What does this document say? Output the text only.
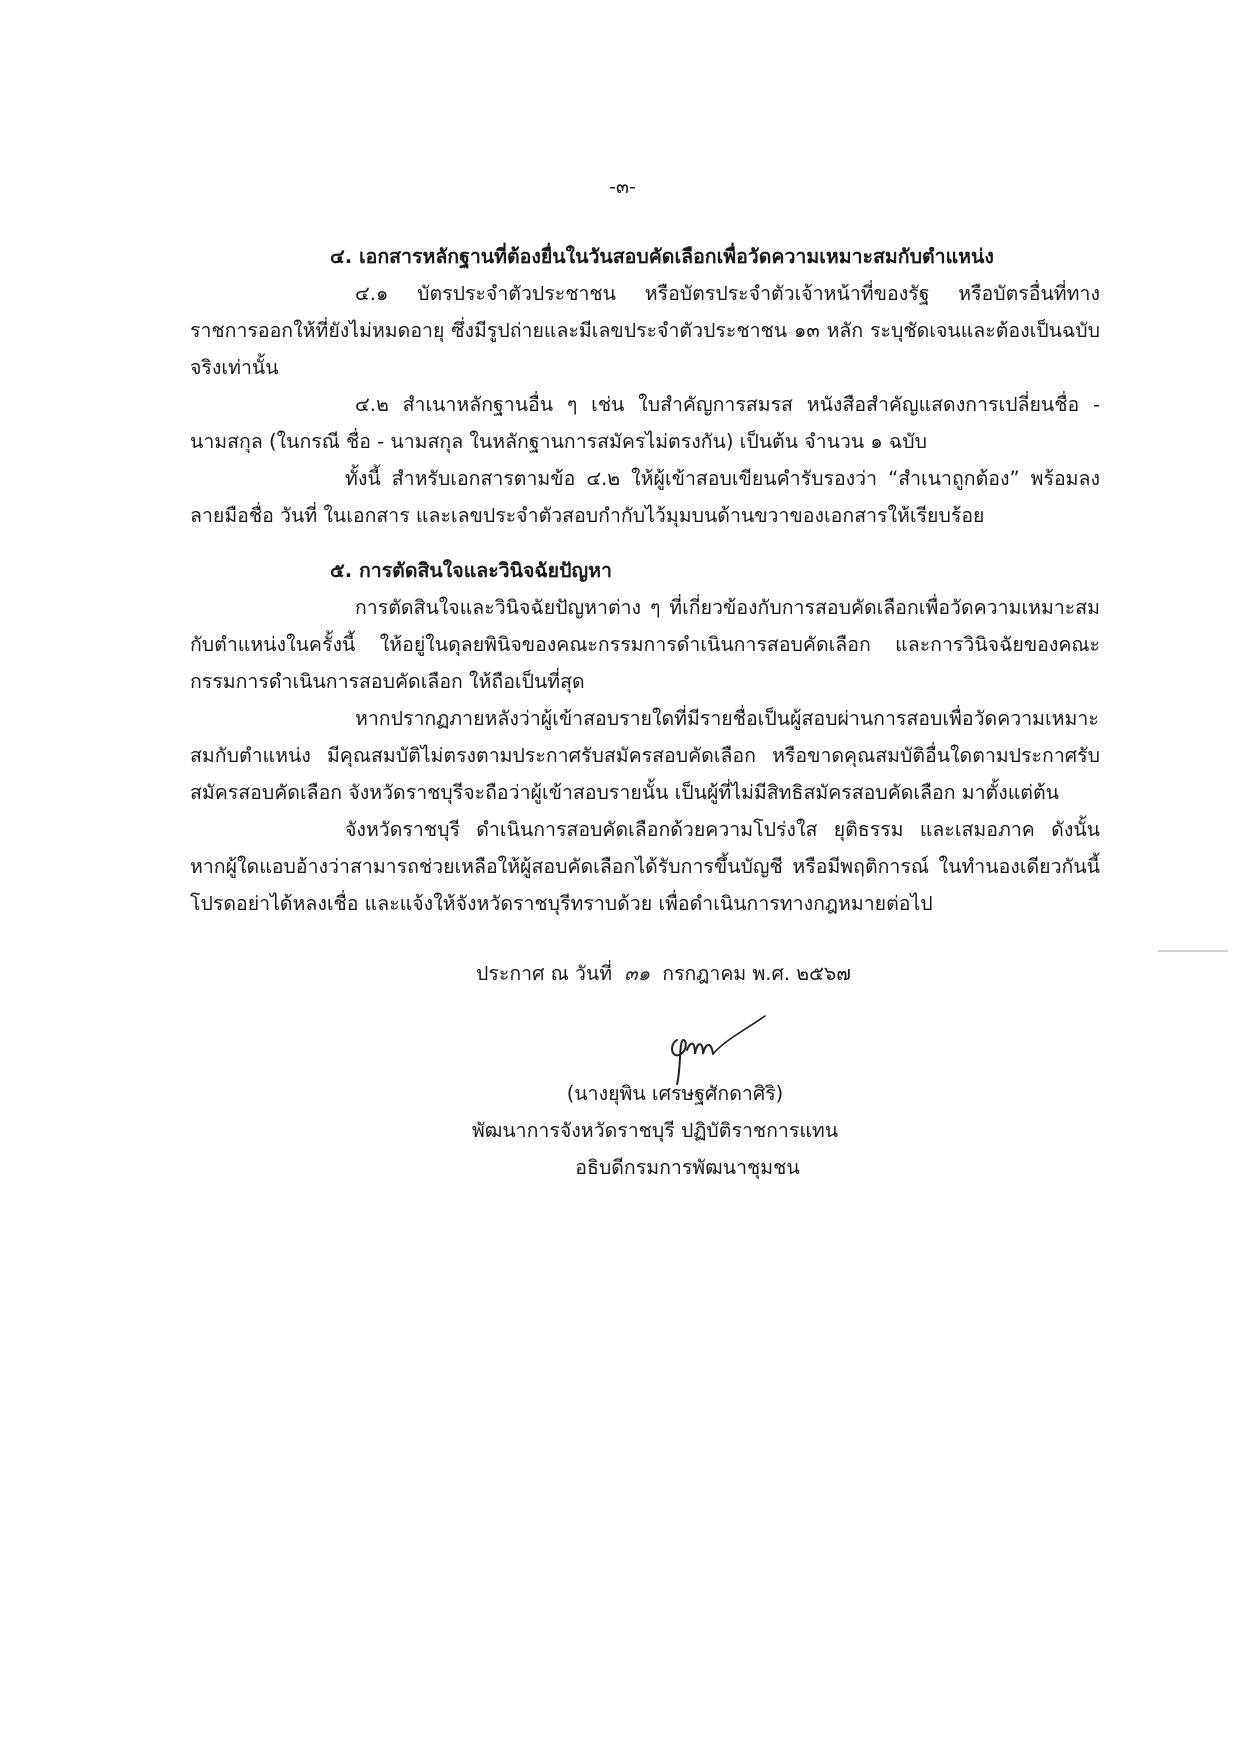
-๓-

๔. เอกสารหลักฐานที่ต้องยื่นในวันสอบคัดเลือกเพื่อวัดความเหมาะสมกับตำแหน่ง

๔.๑ บัตรประจำตัวประชาชน หรือบัตรประจำตัวเจ้าหน้าที่ของรัฐ หรือบัตรอื่นที่ทางราชการออกให้ที่ยังไม่หมดอายุ ซึ่งมีรูปถ่ายและมีเลขประจำตัวประชาชน ๑๓ หลัก ระบุชัดเจนและต้องเป็นฉบับจริงเท่านั้น

๔.๒ สำเนาหลักฐานอื่น ๆ เช่น ใบสำคัญการสมรส หนังสือสำคัญแสดงการเปลี่ยนชื่อ - นามสกุล (ในกรณี ชื่อ - นามสกุล ในหลักฐานการสมัครไม่ตรงกัน) เป็นต้น จำนวน ๑ ฉบับ

ทั้งนี้ สำหรับเอกสารตามข้อ ๔.๒ ให้ผู้เข้าสอบเขียนคำรับรองว่า “สำเนาถูกต้อง” พร้อมลงลายมือชื่อ วันที่ ในเอกสาร และเลขประจำตัวสอบกำกับไว้มุมบนด้านขวาของเอกสารให้เรียบร้อย

๕. การตัดสินใจและวินิจฉัยปัญหา

การตัดสินใจและวินิจฉัยปัญหาต่าง ๆ ที่เกี่ยวข้องกับการสอบคัดเลือกเพื่อวัดความเหมาะสมกับตำแหน่งในครั้งนี้ ให้อยู่ในดุลยพินิจของคณะกรรมการดำเนินการสอบคัดเลือก และการวินิจฉัยของคณะกรรมการดำเนินการสอบคัดเลือก ให้ถือเป็นที่สุด

หากปรากฏภายหลังว่าผู้เข้าสอบรายใดที่มีรายชื่อเป็นผู้สอบผ่านการสอบเพื่อวัดความเหมาะสมกับตำแหน่ง มีคุณสมบัติไม่ตรงตามประกาศรับสมัครสอบคัดเลือก หรือขาดคุณสมบัติอื่นใดตามประกาศรับสมัครสอบคัดเลือก จังหวัดราชบุรีจะถือว่าผู้เข้าสอบรายนั้น เป็นผู้ที่ไม่มีสิทธิสมัครสอบคัดเลือก มาตั้งแต่ต้น

จังหวัดราชบุรี ดำเนินการสอบคัดเลือกด้วยความโปร่งใส ยุติธรรม และเสมอภาค ดังนั้น หากผู้ใดแอบอ้างว่าสามารถช่วยเหลือให้ผู้สอบคัดเลือกได้รับการขึ้นบัญชี หรือมีพฤติการณ์ ในทำนองเดียวกันนี้ โปรดอย่าได้หลงเชื่อ และแจ้งให้จังหวัดราชบุรีทราบด้วย เพื่อดำเนินการทางกฎหมายต่อไป

ประกาศ ณ วันที่ ๓๑ กรกฎาคม พ.ศ. ๒๕๖๗

(นางยุพิน เศรษฐศักดาศิริ)

พัฒนาการจังหวัดราชบุรี ปฏิบัติราชการแทน

อธิบดีกรมการพัฒนาชุมชน
